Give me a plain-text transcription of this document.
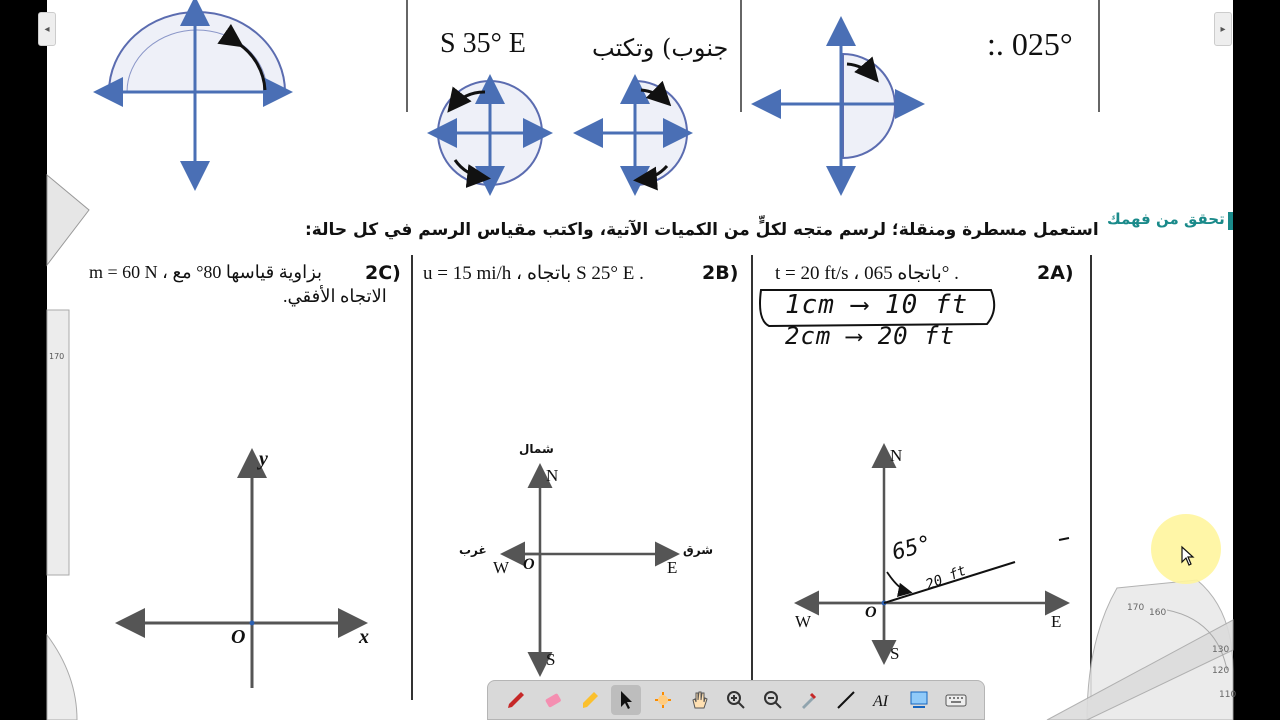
جنوب) وتكتب
S 35° E	:. 025°
تحقق من فهمك
استعمل مسطرة ومنقلة؛ لرسم متجه لكلٍّ من الكميات الآتية، واكتب مقياس الرسم في كل حالة:
2A)
t = 20 ft/s ، باتجاه 065° .
2B)
u = 15 mi/h ، باتجاه S 25° E .
2C)
m = 60 N ، بزاوية قياسها 80° مع
الاتجاه الأفقي.	1cm ⟶ 10 ft
2cm ⟶ 20 ft
y
x
O
N
S
E
W O
شمال
شرق
غرب
N
S
E
W	O
65°
20 ft
170
170 160
130
120
110
◂	▸
AI
